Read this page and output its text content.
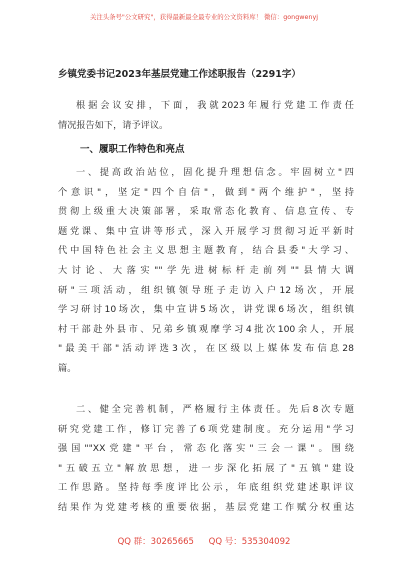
关注头条号"公文研究"，获得最新最全最专业的公文资料库！ 微信：gongwenyj
乡镇党委书记2023年基层党建工作述职报告（2291字）
根据会议安排，下面，我就2023年履行党建工作责任
情况报告如下，请予评议。
一、履职工作特色和亮点
一、提高政治站位，固化提升理想信念。牢固树立"四
个意识"，坚定"四个自信"，做到"两个维护"，坚持
贯彻上级重大决策部署，采取常态化教育、信息宣传、专
题党课、集中宣讲等形式，深入开展学习贯彻习近平新时
代中国特色社会主义思想主题教育，结合县委"大学习、
大讨论、大落实""学先进树标杆走前列""县情大调
研"三项活动，组织镇领导班子走访入户12场次，开展
学习研讨10场次，集中宣讲5场次，讲党课6场次，组织镇
村干部赴外县市、兄弟乡镇观摩学习4批次100余人，开展
"最美干部"活动评选3次，在区级以上媒体发布信息28
篇。
二、健全完善机制，严格履行主体责任。先后8次专题
研究党建工作，修订完善了6项党建制度。充分运用"学习
强国""XX党建"平台，常态化落实"三会一课"。围绕
"五破五立"解放思想，进一步深化拓展了"五镇"建设
工作思路。坚持每季度评比公示，年底组织党建述职评议
结果作为党建考核的重要依据，基层党建工作赋分权重达
QQ 群：30265665 QQ 号：535304092
